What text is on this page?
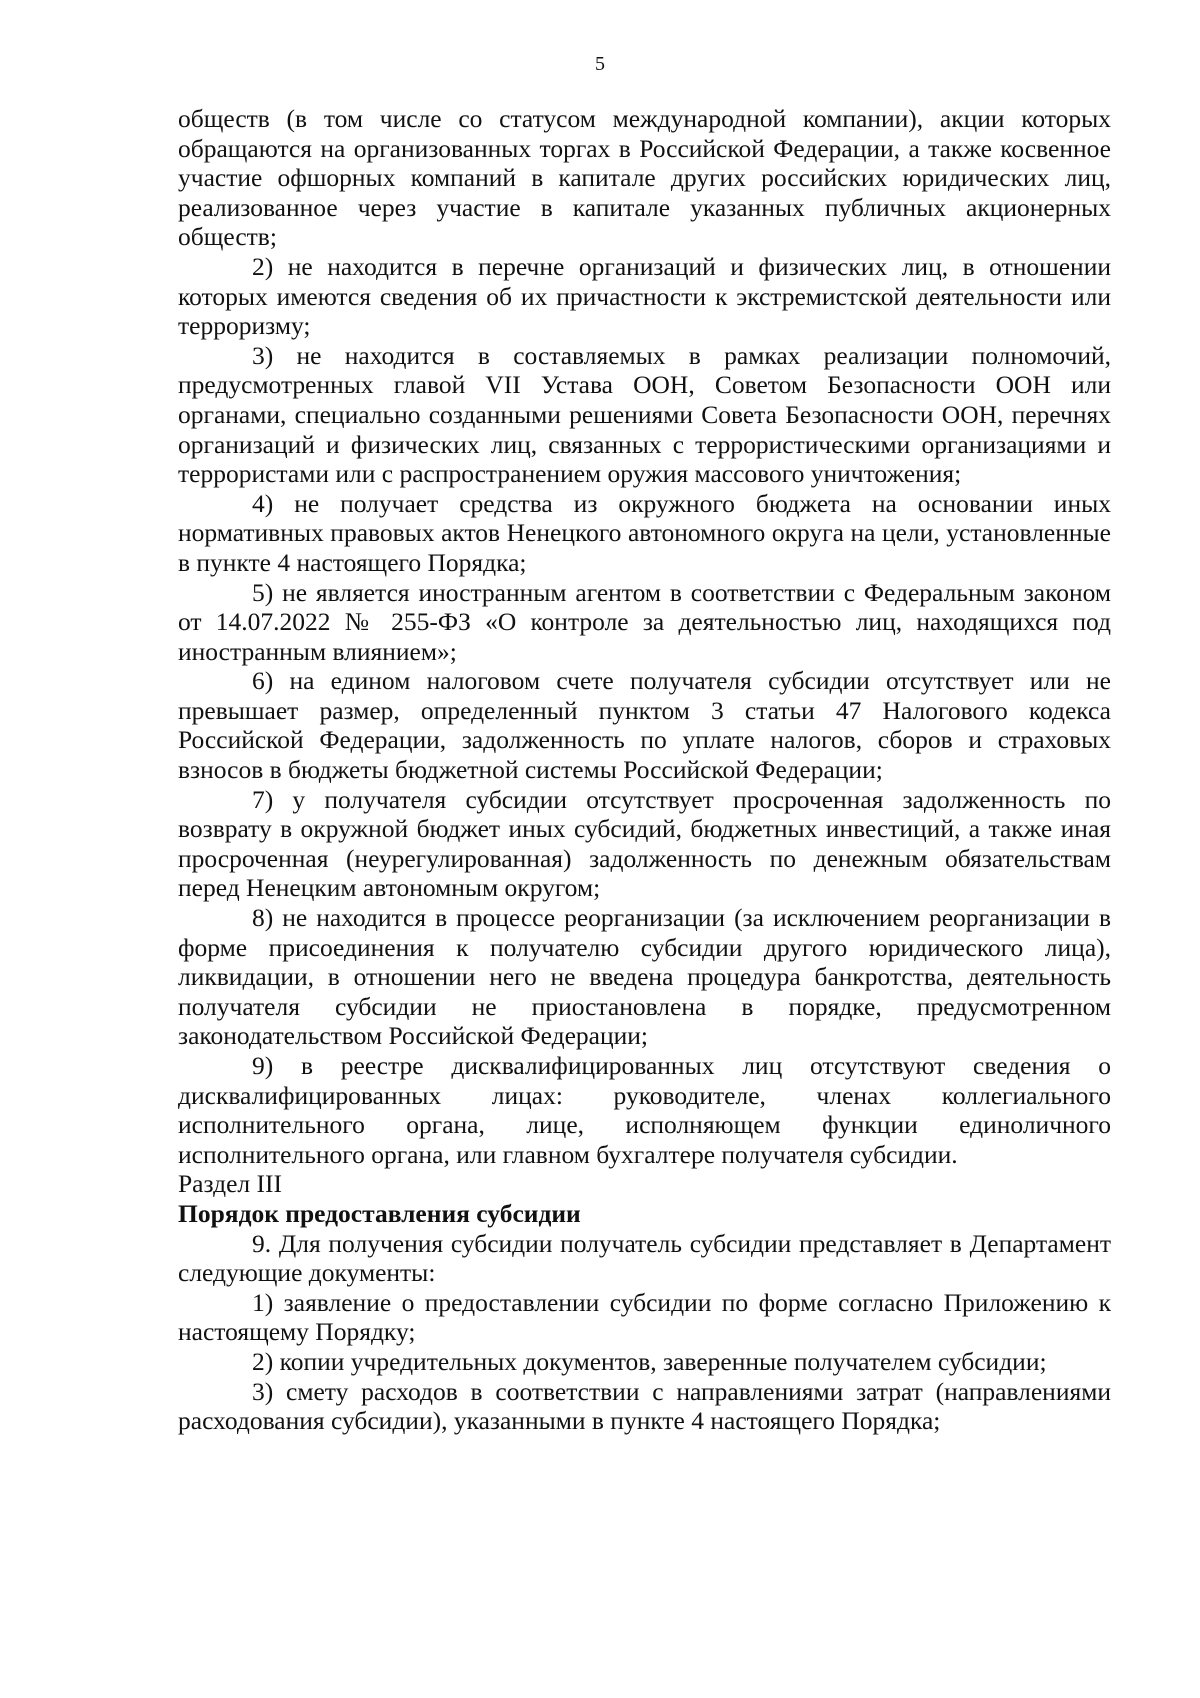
5

обществ (в том числе со статусом международной компании), акции которых обращаются на организованных торгах в Российской Федерации, а также косвенное участие офшорных компаний в капитале других российских юридических лиц, реализованное через участие в капитале указанных публичных акционерных обществ;

2) не находится в перечне организаций и физических лиц, в отношении которых имеются сведения об их причастности к экстремистской деятельности или терроризму;

3) не находится в составляемых в рамках реализации полномочий, предусмотренных главой VII Устава ООН, Советом Безопасности ООН или органами, специально созданными решениями Совета Безопасности ООН, перечнях организаций и физических лиц, связанных с террористическими организациями и террористами или с распространением оружия массового уничтожения;

4) не получает средства из окружного бюджета на основании иных нормативных правовых актов Ненецкого автономного округа на цели, установленные в пункте 4 настоящего Порядка;

5) не является иностранным агентом в соответствии с Федеральным законом от 14.07.2022 № 255-ФЗ «О контроле за деятельностью лиц, находящихся под иностранным влиянием»;

6) на едином налоговом счете получателя субсидии отсутствует или не превышает размер, определенный пунктом 3 статьи 47 Налогового кодекса Российской Федерации, задолженность по уплате налогов, сборов и страховых взносов в бюджеты бюджетной системы Российской Федерации;

7) у получателя субсидии отсутствует просроченная задолженность по возврату в окружной бюджет иных субсидий, бюджетных инвестиций, а также иная просроченная (неурегулированная) задолженность по денежным обязательствам перед Ненецким автономным округом;

8) не находится в процессе реорганизации (за исключением реорганизации в форме присоединения к получателю субсидии другого юридического лица), ликвидации, в отношении него не введена процедура банкротства, деятельность получателя субсидии не приостановлена в порядке, предусмотренном законодательством Российской Федерации;

9) в реестре дисквалифицированных лиц отсутствуют сведения о дисквалифицированных лицах: руководителе, членах коллегиального исполнительного органа, лице, исполняющем функции единоличного исполнительного органа, или главном бухгалтере получателя субсидии.

Раздел III

Порядок предоставления субсидии

9. Для получения субсидии получатель субсидии представляет в Департамент следующие документы:

1) заявление о предоставлении субсидии по форме согласно Приложению к настоящему Порядку;

2) копии учредительных документов, заверенные получателем субсидии;

3) смету расходов в соответствии с направлениями затрат (направлениями расходования субсидии), указанными в пункте 4 настоящего Порядка;
